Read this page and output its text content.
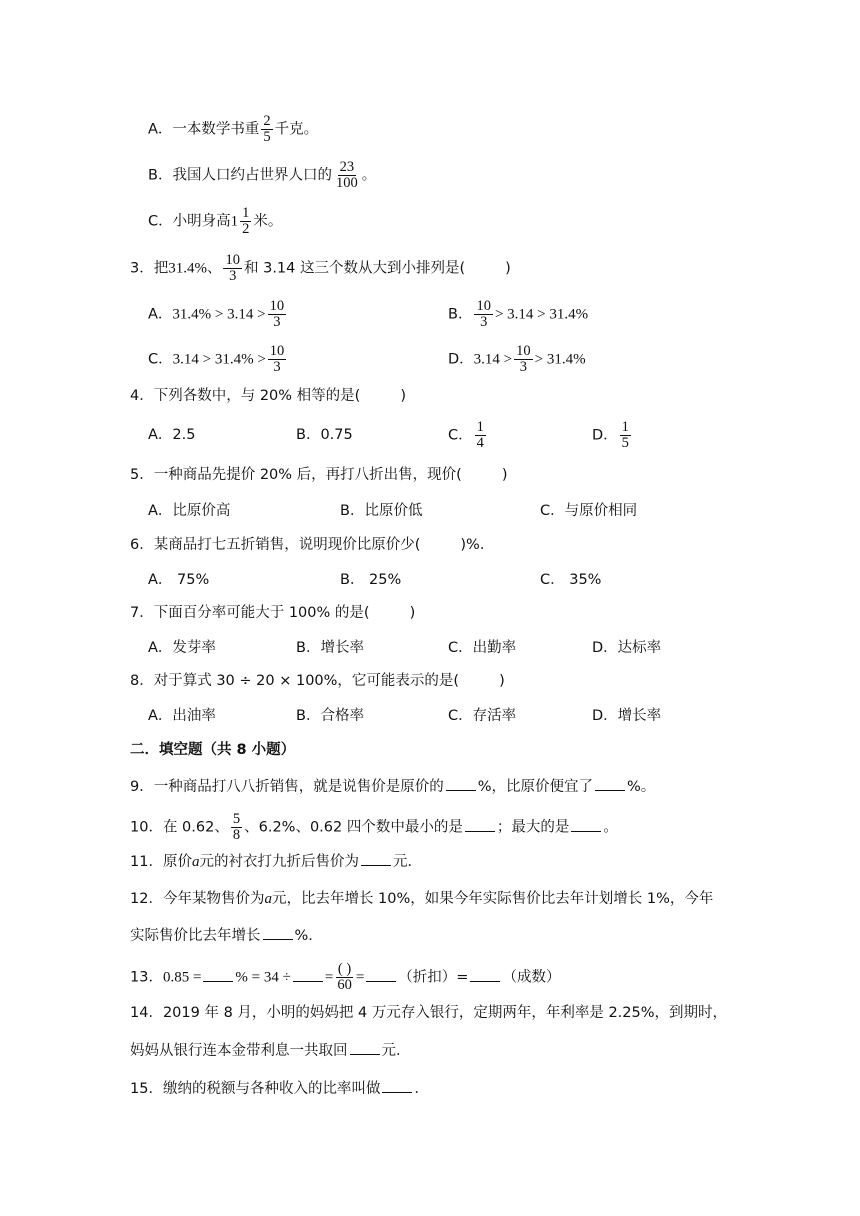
A．一本数学书重 $\frac{2}{5}$ 千克。
B．我国人口约占世界人口的 $\frac{23}{100}$ 。
C．小明身高$1 \frac{1}{2}$ 米。
3．把31.4%、 $\frac{10}{3}$ 和 3.14 这三个数从大到小排列是(	)
A．$31.4\% > 3.14 > \frac{10}{3}$	B． $\frac{10}{3} > 3.14 > 31.4\%$
C．$3.14 > 31.4\% > \frac{10}{3}$	D．$3.14 > \frac{10}{3} > 31.4\%$
4．下列各数中，与 20% 相等的是(	)
A．2.5	B．0.75	C． $\frac{1}{4}$	D． $\frac{1}{5}$
5．一种商品先提价 20% 后，再打八折出售，现价(	)
A．比原价高	B．比原价低	C．与原价相同
6．某商品打七五折销售，说明现价比原价少(	)%．
A． 75%	B． 25%	C． 35%
7．下面百分率可能大于 100% 的是(	)
A．发芽率	B．增长率	C．出勤率	D．达标率
8．对于算式 30 ÷ 20 × 100%，它可能表示的是(	)
A．出油率	B．合格率	C．存活率	D．增长率
二．填空题（共 8 小题）
9．一种商品打八八折销售，就是说售价是原价的 %，比原价便宜了 %。
10．在 0.62、 $\frac{5}{8}$ 、6.2%、0.62 四个数中最小的是 ；最大的是 。
11．原价a元的衬衣打九折后售价为 元．
12．今年某物售价为a元，比去年增长 10%，如果今年实际售价比去年计划增长 1%，今年
实际售价比去年增长 %．
13．0.85 = % = 34 ÷ = $\frac{( )}{60}$ = （折扣）= （成数）
14．2019 年 8 月，小明的妈妈把 4 万元存入银行，定期两年，年利率是 2.25%，到期时，
妈妈从银行连本金带利息一共取回 元．
15．缴纳的税额与各种收入的比率叫做 ．
